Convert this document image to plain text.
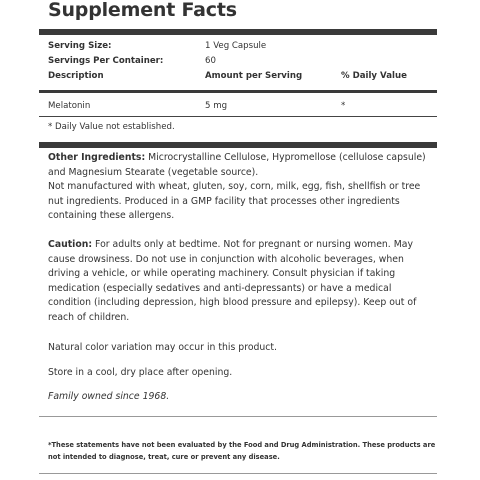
Supplement Facts
Serving Size:	1 Veg Capsule
Servings Per Container:	60
Description	Amount per Serving	% Daily Value
Melatonin	5 mg	*
* Daily Value not established.
Other Ingredients: Microcrystalline Cellulose, Hypromellose (cellulose capsule) and Magnesium Stearate (vegetable source).
Not manufactured with wheat, gluten, soy, corn, milk, egg, fish, shellfish or tree nut ingredients. Produced in a GMP facility that processes other ingredients containing these allergens.
Caution: For adults only at bedtime. Not for pregnant or nursing women. May cause drowsiness. Do not use in conjunction with alcoholic beverages, when driving a vehicle, or while operating machinery. Consult physician if taking medication (especially sedatives and anti-depressants) or have a medical condition (including depression, high blood pressure and epilepsy). Keep out of reach of children.
Natural color variation may occur in this product.
Store in a cool, dry place after opening.
Family owned since 1968.
*These statements have not been evaluated by the Food and Drug Administration. These products are not intended to diagnose, treat, cure or prevent any disease.
